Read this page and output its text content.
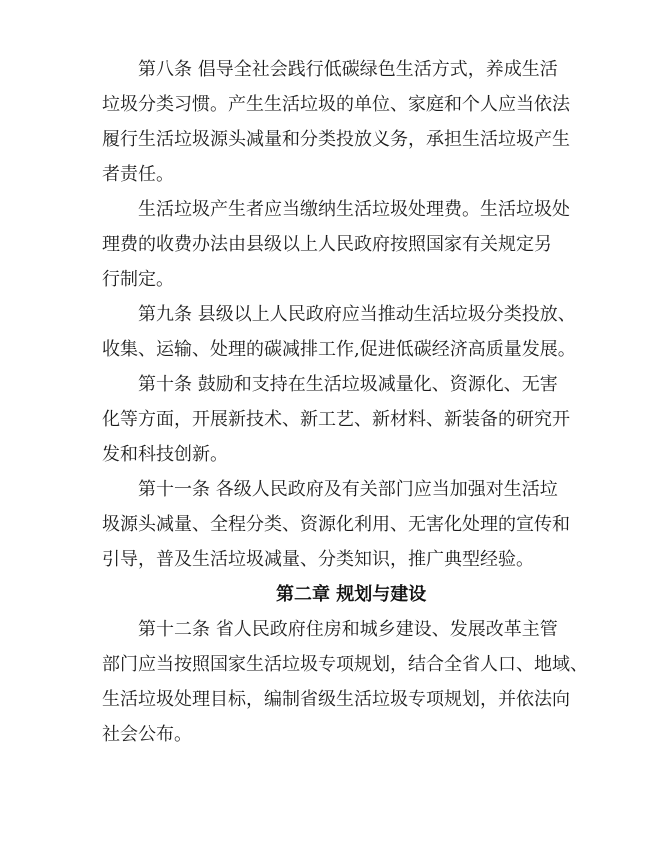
第八条 倡导全社会践行低碳绿色生活方式，养成生活
垃圾分类习惯。产生生活垃圾的单位、家庭和个人应当依法
履行生活垃圾源头减量和分类投放义务，承担生活垃圾产生
者责任。
生活垃圾产生者应当缴纳生活垃圾处理费。生活垃圾处
理费的收费办法由县级以上人民政府按照国家有关规定另
行制定。
第九条 县级以上人民政府应当推动生活垃圾分类投放、
收集、运输、处理的碳减排工作,促进低碳经济高质量发展。
第十条 鼓励和支持在生活垃圾减量化、资源化、无害
化等方面，开展新技术、新工艺、新材料、新装备的研究开
发和科技创新。
第十一条 各级人民政府及有关部门应当加强对生活垃
圾源头减量、全程分类、资源化利用、无害化处理的宣传和
引导，普及生活垃圾减量、分类知识，推广典型经验。
第二章 规划与建设
第十二条 省人民政府住房和城乡建设、发展改革主管
部门应当按照国家生活垃圾专项规划，结合全省人口、地域、
生活垃圾处理目标，编制省级生活垃圾专项规划，并依法向
社会公布。
